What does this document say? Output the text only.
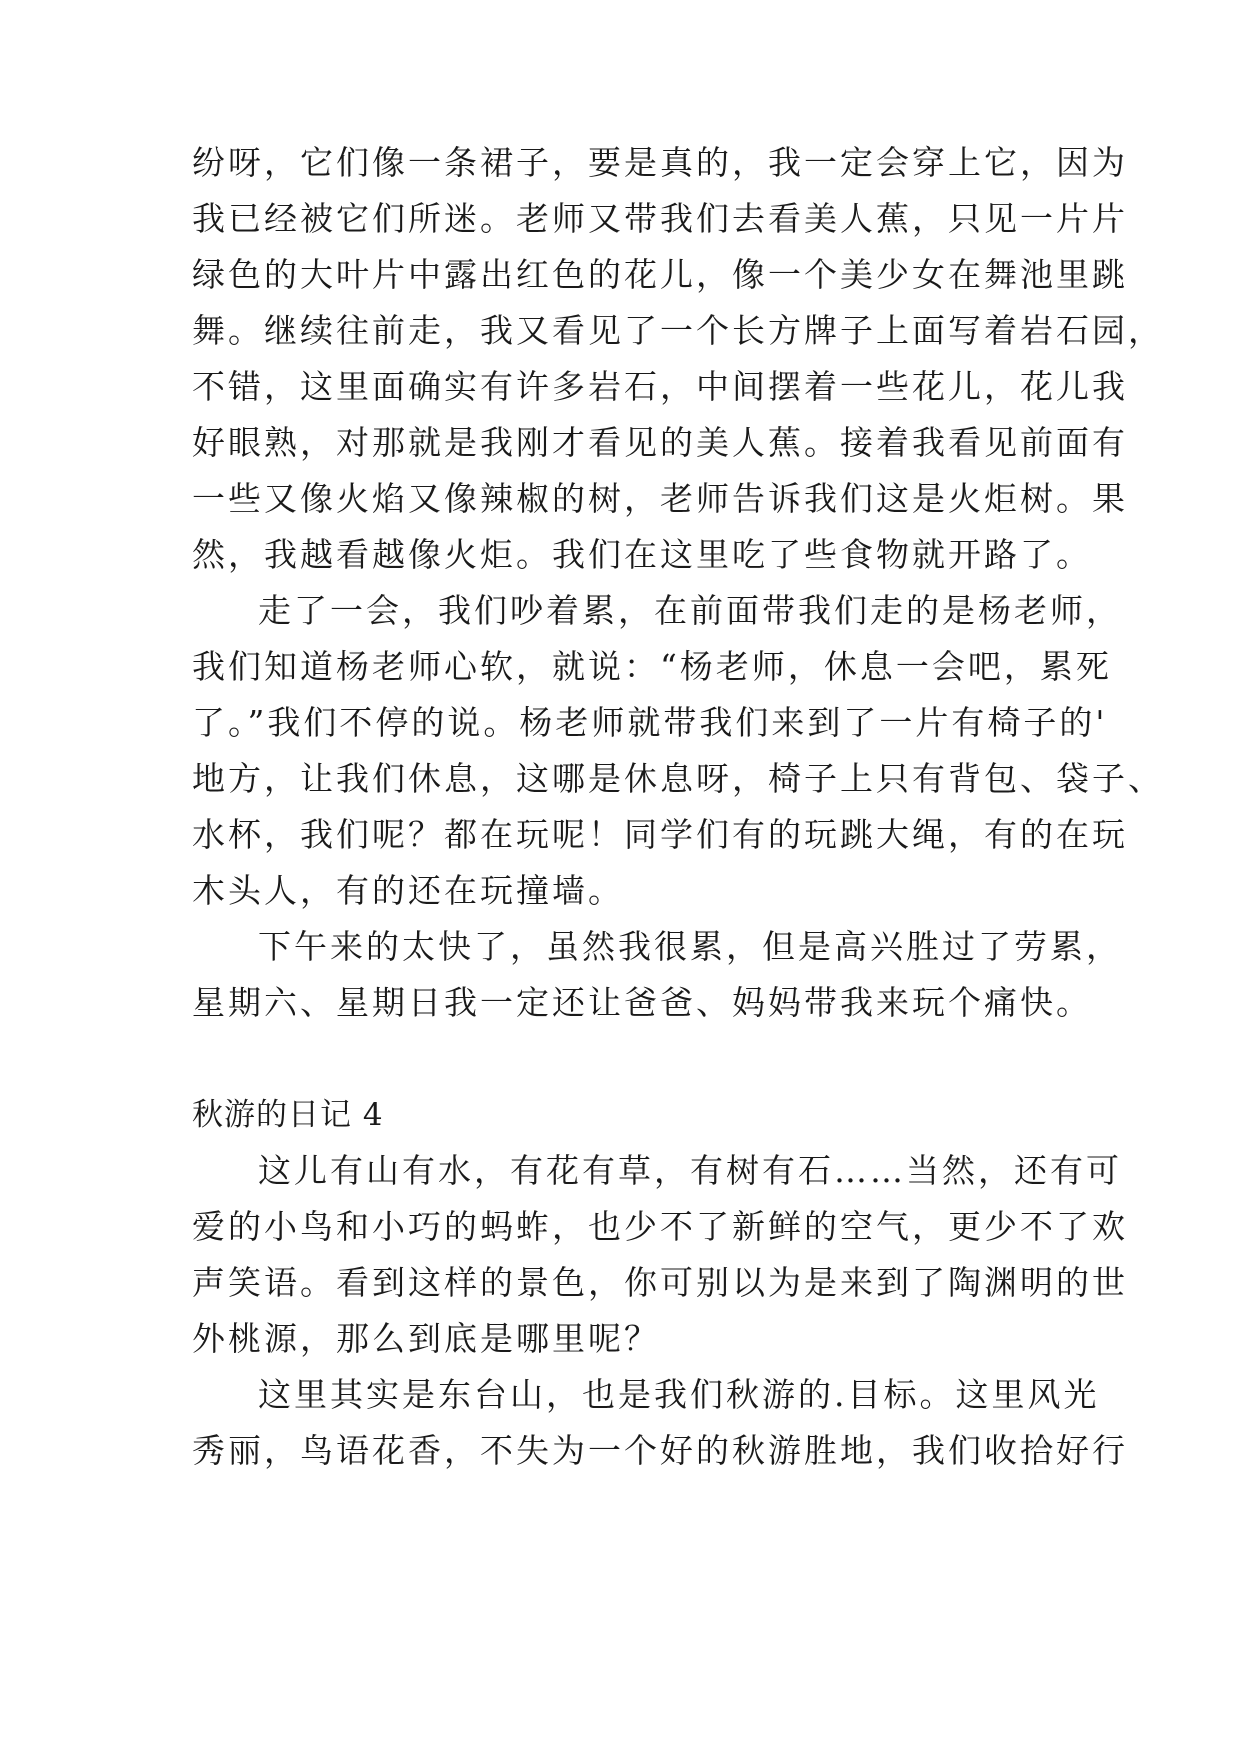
纷呀，它们像一条裙子，要是真的，我一定会穿上它，因为
我已经被它们所迷。老师又带我们去看美人蕉，只见一片片
绿色的大叶片中露出红色的花儿，像一个美少女在舞池里跳
舞。继续往前走，我又看见了一个长方牌子上面写着岩石园，
不错，这里面确实有许多岩石，中间摆着一些花儿，花儿我
好眼熟，对那就是我刚才看见的美人蕉。接着我看见前面有
一些又像火焰又像辣椒的树，老师告诉我们这是火炬树。果
然，我越看越像火炬。我们在这里吃了些食物就开路了。
走了一会，我们吵着累，在前面带我们走的是杨老师，
我们知道杨老师心软，就说：“杨老师，休息一会吧，累死
了。”我们不停的说。杨老师就带我们来到了一片有椅子的'
地方，让我们休息，这哪是休息呀，椅子上只有背包、袋子、
水杯，我们呢？都在玩呢！同学们有的玩跳大绳，有的在玩
木头人，有的还在玩撞墙。
下午来的太快了，虽然我很累，但是高兴胜过了劳累，
星期六、星期日我一定还让爸爸、妈妈带我来玩个痛快。
秋游的日记 4
这儿有山有水，有花有草，有树有石……当然，还有可
爱的小鸟和小巧的蚂蚱，也少不了新鲜的空气，更少不了欢
声笑语。看到这样的景色，你可别以为是来到了陶渊明的世
外桃源，那么到底是哪里呢？
这里其实是东台山，也是我们秋游的.目标。这里风光
秀丽，鸟语花香，不失为一个好的秋游胜地，我们收拾好行
